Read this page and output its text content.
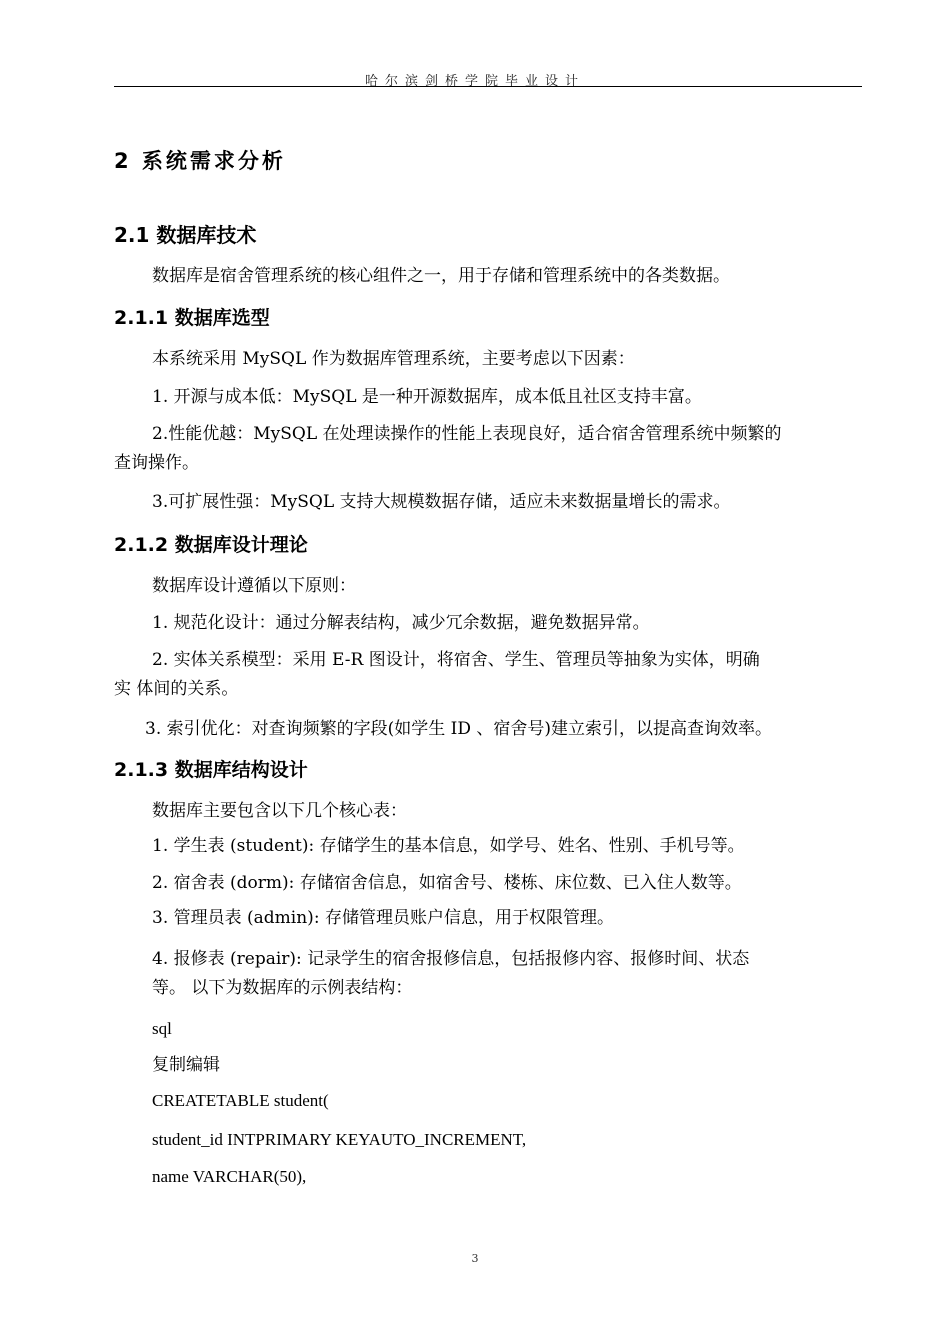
哈尔滨剑桥学院毕业设计
2 系统需求分析
2.1 数据库技术
数据库是宿舍管理系统的核心组件之一，用于存储和管理系统中的各类数据。
2.1.1 数据库选型
本系统采用 MySQL 作为数据库管理系统，主要考虑以下因素：
1. 开源与成本低：MySQL 是一种开源数据库，成本低且社区支持丰富。
2.性能优越：MySQL 在处理读操作的性能上表现良好，适合宿舍管理系统中频繁的
查询操作。
3.可扩展性强：MySQL 支持大规模数据存储，适应未来数据量增长的需求。
2.1.2 数据库设计理论
数据库设计遵循以下原则：
1. 规范化设计：通过分解表结构，减少冗余数据，避免数据异常。
2. 实体关系模型：采用 E-R 图设计，将宿舍、学生、管理员等抽象为实体，明确
实 体间的关系。
3. 索引优化：对查询频繁的字段(如学生 ID 、宿舍号)建立索引，以提高查询效率。
2.1.3 数据库结构设计
数据库主要包含以下几个核心表：
1. 学生表 (student): 存储学生的基本信息，如学号、姓名、性别、手机号等。
2. 宿舍表 (dorm): 存储宿舍信息，如宿舍号、楼栋、床位数、已入住人数等。
3. 管理员表 (admin): 存储管理员账户信息，用于权限管理。
4. 报修表 (repair): 记录学生的宿舍报修信息，包括报修内容、报修时间、状态
等。 以下为数据库的示例表结构：
sql
复制编辑
CREATETABLE student(
student_id INTPRIMARY KEYAUTO_INCREMENT,
name VARCHAR(50),
3
